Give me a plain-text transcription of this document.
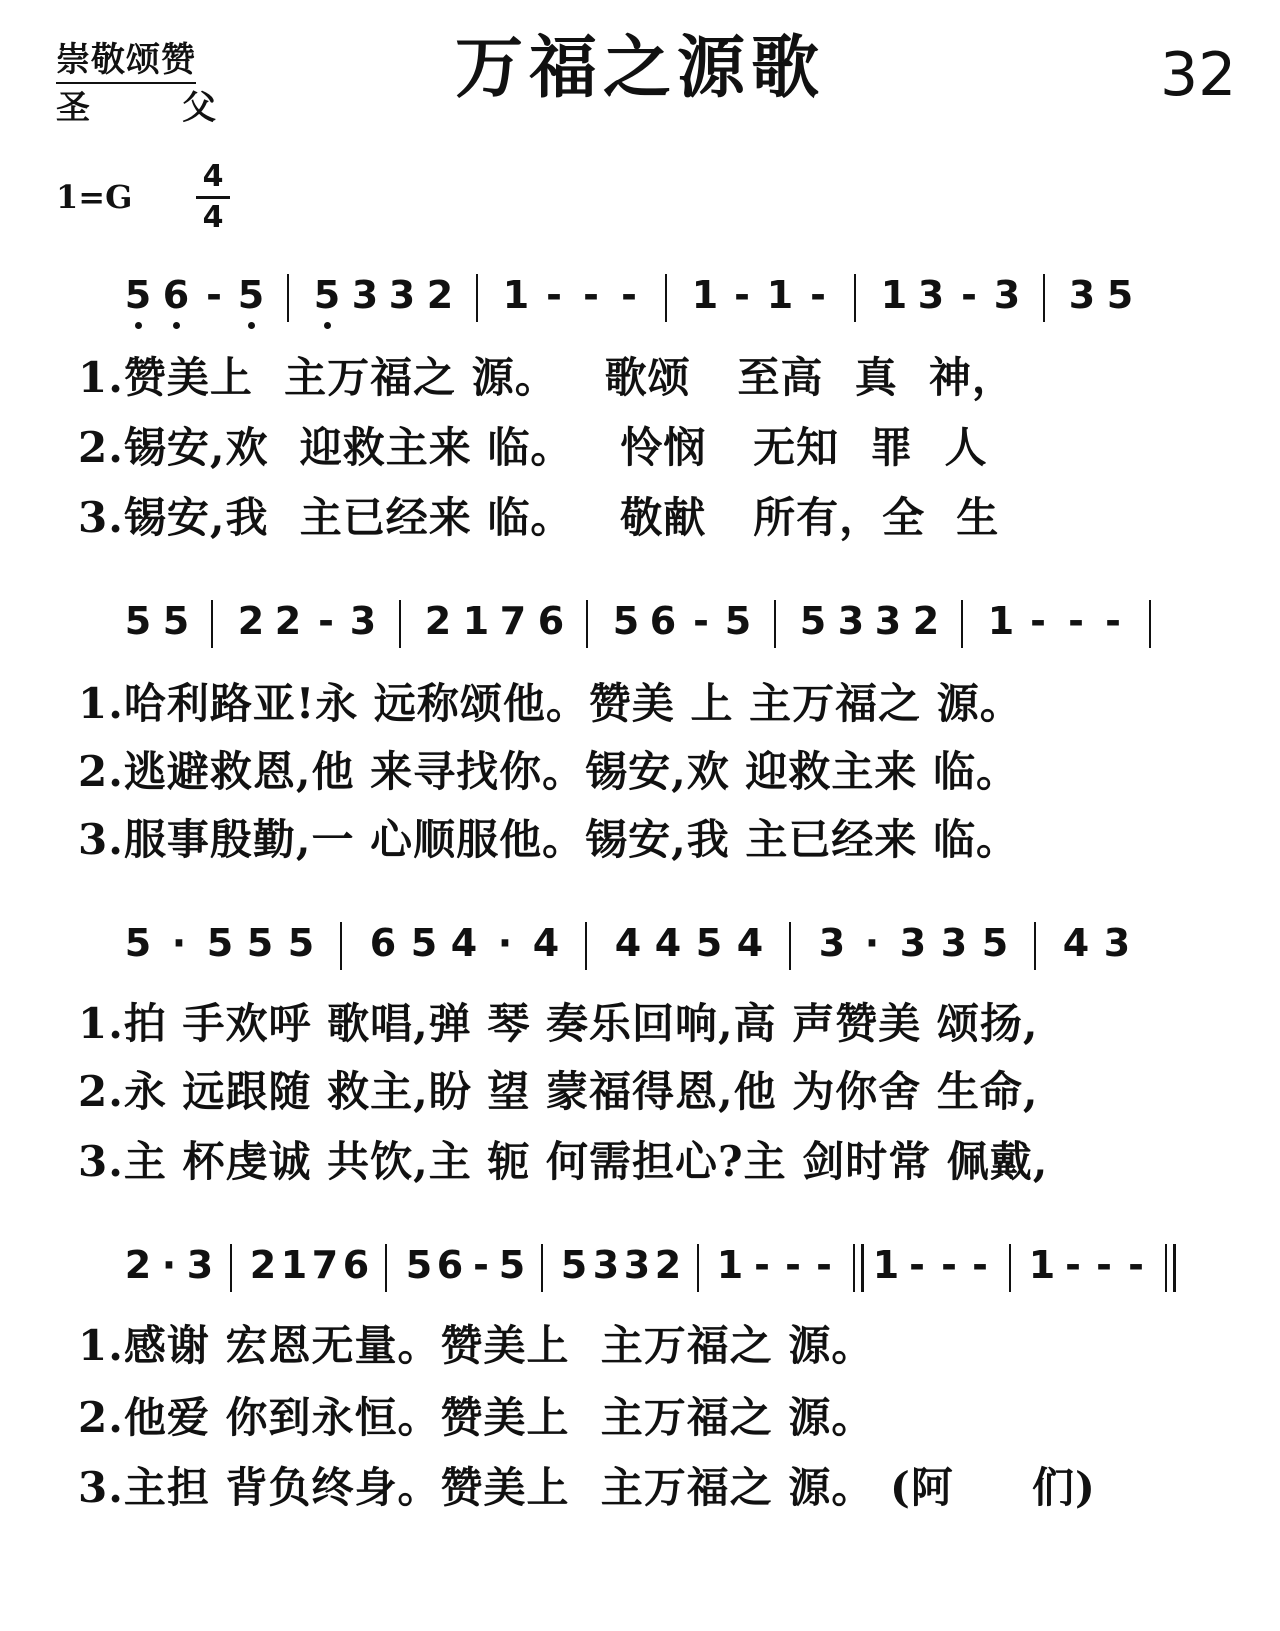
崇敬颂赞
圣	父	万福之源歌	32
1=G
4
4
5 6 - 5 5 3 3 2 1 - - -	1 - 1 -	1 3 - 3 3 5
1.赞美上  主万福之 源。   歌颂   至高  真  神，
2.锡安,欢  迎救主来 临。   怜悯   无知  罪  人
3.锡安,我  主已经来 临。   敬献   所有，全  生
5 5 2 2 - 3 2 1 7 6 5 6 - 5 5 3 3 2 1 - - -
1.哈利路亚!永 远称颂他。赞美 上 主万福之 源。
2.逃避救恩,他 来寻找你。锡安,欢 迎救主来 临。
3.服事殷勤,一 心顺服他。锡安,我 主已经来 临。
5 · 5 5 5 6 5 4 · 4 4 4 5 4 3 · 3 3 5 4 3
1.拍 手欢呼 歌唱,弹 琴 奏乐回响,高 声赞美 颂扬,
2.永 远跟随 救主,盼 望 蒙福得恩,他 为你舍 生命,
3.主 杯虔诚 共饮,主 轭 何需担心?主 剑时常 佩戴,
2 · 3 2 1 7 6 5 6 - 5 5 3 3 2 1 - - -	1 - - -	1 - - -
1.感谢 宏恩无量。赞美上  主万福之 源。
2.他爱 你到永恒。赞美上  主万福之 源。
3.主担 背负终身。赞美上  主万福之 源。 (阿     们)
